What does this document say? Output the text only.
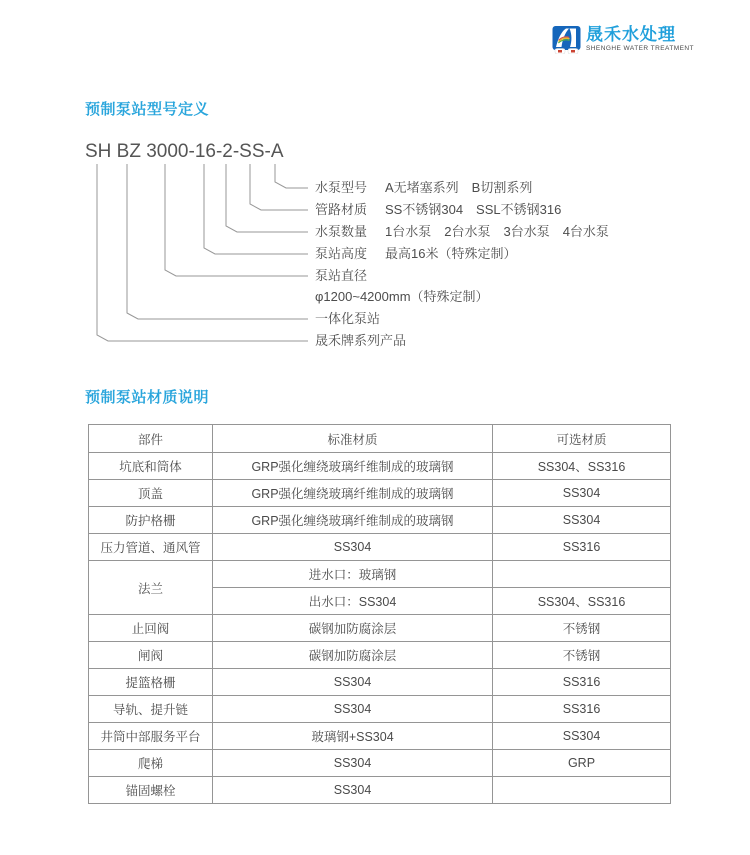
晟禾水处理
SHENGHE WATER TREATMENT
预制泵站型号定义
SH BZ 3000-16-2-SS-A
水泵型号 A无堵塞系列　B切割系列
管路材质 SS不锈钢304　SSL不锈钢316
水泵数量 1台水泵　2台水泵　3台水泵　4台水泵
泵站高度 最高16米（特殊定制）
泵站直径
φ1200~4200mm（特殊定制）
一体化泵站
晟禾牌系列产品
预制泵站材质说明
部件	标准材质	可选材质
坑底和筒体	GRP强化缠绕玻璃纤维制成的玻璃钢	SS304、SS316
顶盖	GRP强化缠绕玻璃纤维制成的玻璃钢	SS304
防护格栅	GRP强化缠绕玻璃纤维制成的玻璃钢	SS304
压力管道、通风管	SS304	SS316
法兰	进水口：玻璃钢	
	出水口：SS304	SS304、SS316
止回阀	碳钢加防腐涂层	不锈钢
闸阀	碳钢加防腐涂层	不锈钢
提篮格栅	SS304	SS316
导轨、提升链	SS304	SS316
井筒中部服务平台	玻璃钢+SS304	SS304
爬梯	SS304	GRP
锚固螺栓	SS304	
